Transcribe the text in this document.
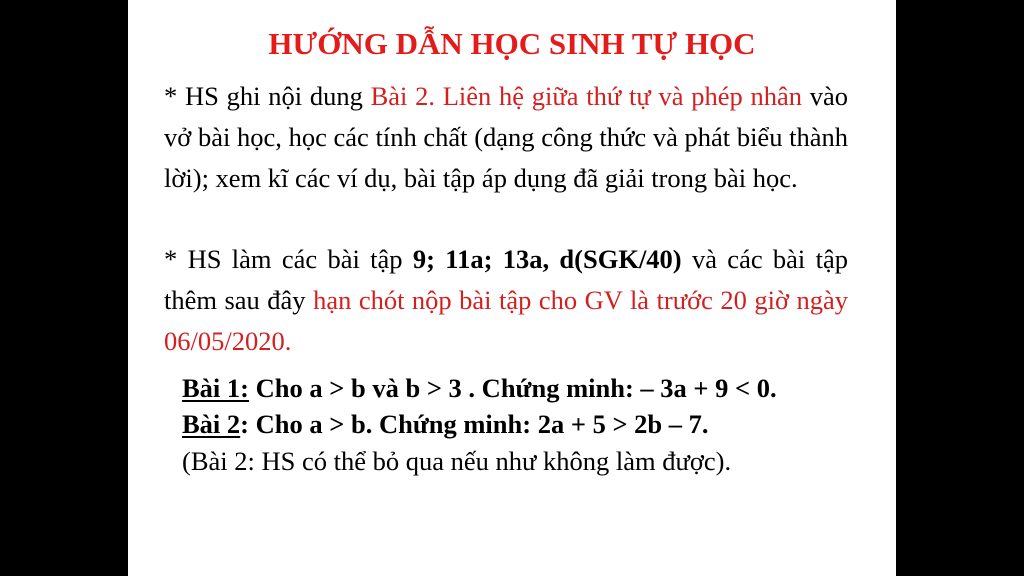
HƯỚNG DẪN HỌC SINH TỰ HỌC
* HS ghi nội dung Bài 2. Liên hệ giữa thứ tự và phép nhân vào vở bài học, học các tính chất (dạng công thức và phát biểu thành lời); xem kĩ các ví dụ, bài tập áp dụng đã giải trong bài học.
* HS làm các bài tập 9; 11a; 13a, d(SGK/40) và các bài tập thêm sau đây hạn chót nộp bài tập cho GV là trước 20 giờ ngày 06/05/2020.
Bài 1: Cho a > b và b > 3 . Chứng minh: – 3a + 9 < 0.
Bài 2: Cho a > b. Chứng minh: 2a + 5 > 2b – 7.
(Bài 2: HS có thể bỏ qua nếu như không làm được).
